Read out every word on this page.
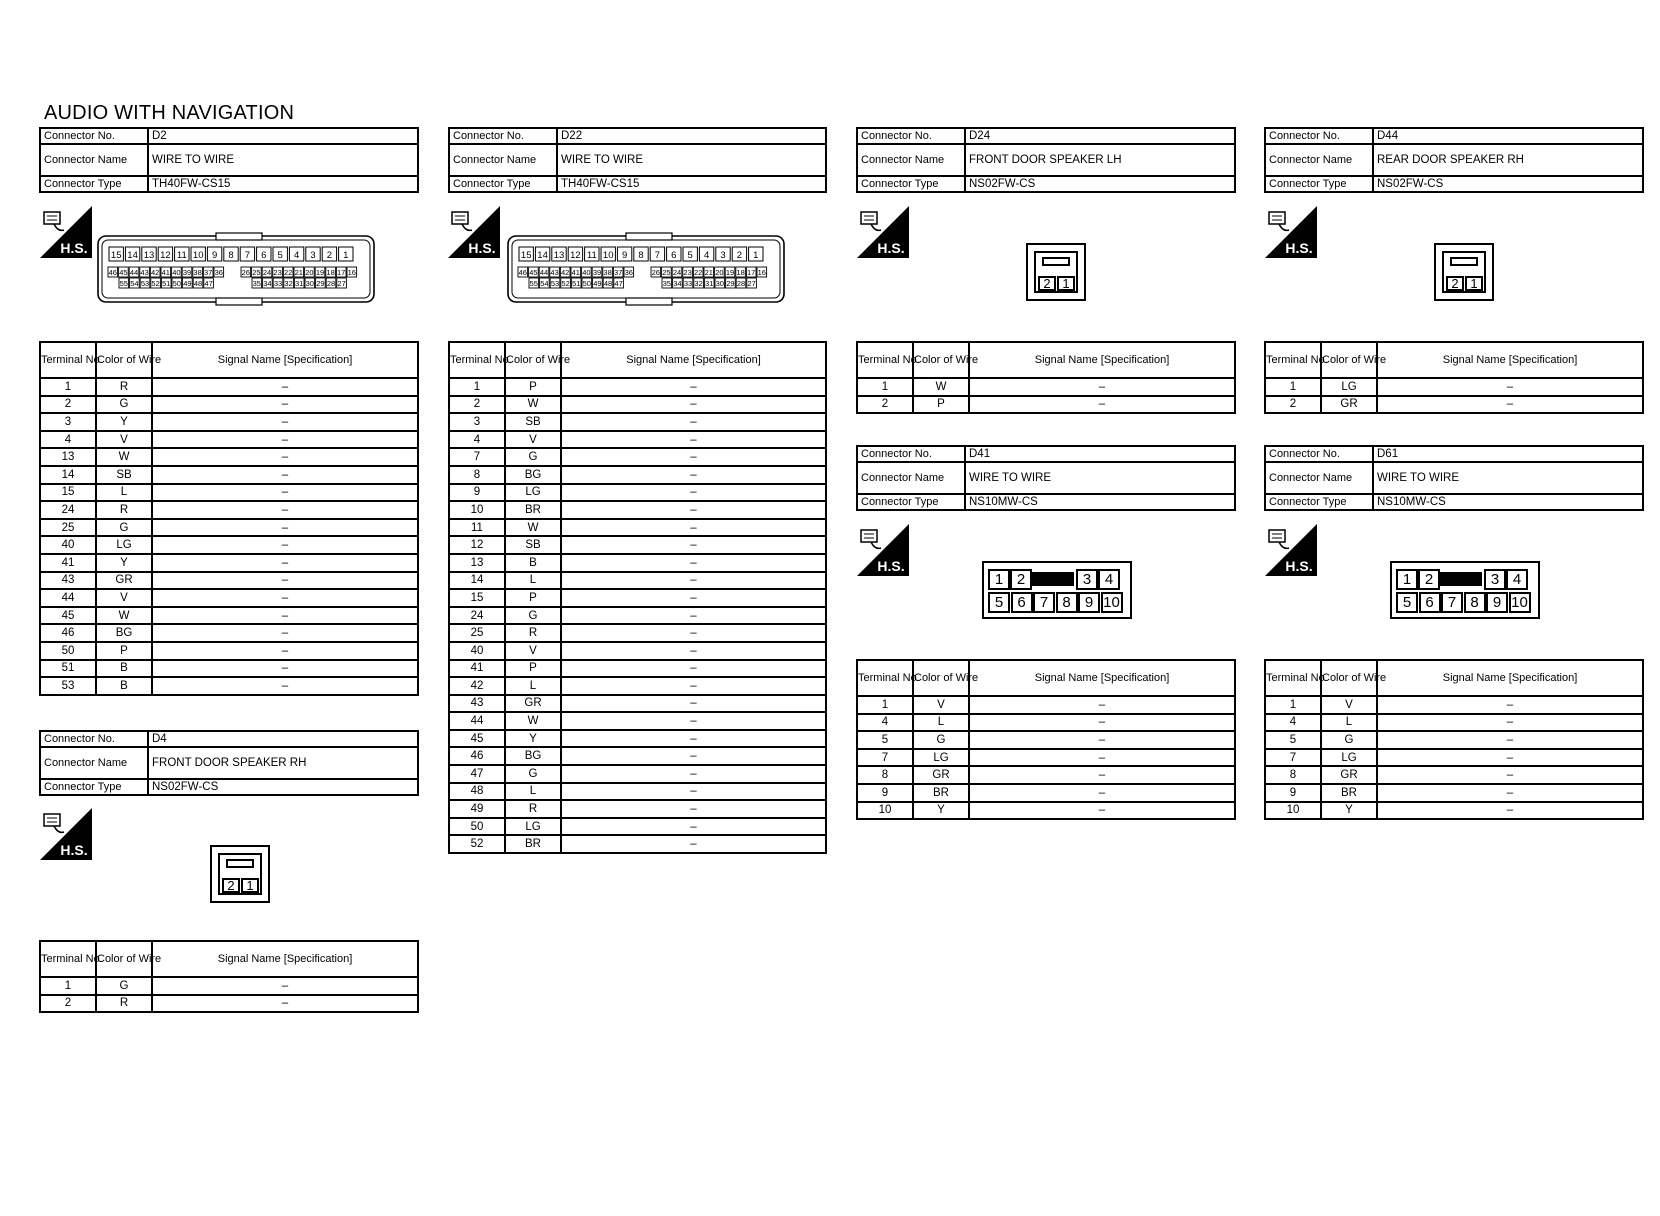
AUDIO WITH NAVIGATION
Connector No.	D2
Connector Name	WIRE TO WIRE
Connector Type	TH40FW-CS15
H.S. 15 14 13 12 11 10 9 8 7 6 5 4 3 2 1
46 45 44 43 42 41 40 39 38 37 36 26 25 24 23 22 21 20 19 18 17 16
55 54 53 52 51 50 49 48 47	35 34 33 32 31 30 29 28 27
Terminal No.	Color of Wire	Signal Name [Specification]
1	R	–
2	G	–
3	Y	–
4	V	–
13	W	–
14	SB	–
15	L	–
24	R	–
25	G	–
40	LG	–
41	Y	–
43	GR	–
44	V	–
45	W	–
46	BG	–
50	P	–
51	B	–
53	B	–
Connector No.	D4
Connector Name	FRONT DOOR SPEAKER RH
Connector Type	NS02FW-CS
H.S.
2 1
Terminal No.	Color of Wire	Signal Name [Specification]
1	G	–
2	R	–
Connector No.	D22
Connector Name	WIRE TO WIRE
Connector Type	TH40FW-CS15
H.S.	15 14 13 12 11 10 9 8 7 6 5 4 3 2 1
46 45 44 43 42 41 40 39 38 37 36 26 25 24 23 22 21 20 19 18 17 16
55 54 53 52 51 50 49 48 47	35 34 33 32 31 30 29 28 27
Terminal No.	Color of Wire	Signal Name [Specification]
1	P	–
2	W	–
3	SB	–
4	V	–
7	G	–
8	BG	–
9	LG	–
10	BR	–
11	W	–
12	SB	–
13	B	–
14	L	–
15	P	–
24	G	–
25	R	–
40	V	–
41	P	–
42	L	–
43	GR	–
44	W	–
45	Y	–
46	BG	–
47	G	–
48	L	–
49	R	–
50	LG	–
52	BR	–
Connector No.	D24
Connector Name	FRONT DOOR SPEAKER LH
Connector Type	NS02FW-CS
H.S.
2 1
Terminal No.	Color of Wire	Signal Name [Specification]
1	W	–
2	P	–
Connector No.	D41
Connector Name	WIRE TO WIRE
Connector Type	NS10MW-CS
H.S.
1 2	3 4
5 6 7 8 9 10
Terminal No.	Color of Wire	Signal Name [Specification]
1	V	–
4	L	–
5	G	–
7	LG	–
8	GR	–
9	BR	–
10	Y	–
Connector No.	D44
Connector Name	REAR DOOR SPEAKER RH
Connector Type	NS02FW-CS
H.S.
2 1
Terminal No.	Color of Wire	Signal Name [Specification]
1	LG	–
2	GR	–
Connector No.	D61
Connector Name	WIRE TO WIRE
Connector Type	NS10MW-CS
H.S.
1 2	3 4
5 6 7 8 9 10
Terminal No.	Color of Wire	Signal Name [Specification]
1	V	–
4	L	–
5	G	–
7	LG	–
8	GR	–
9	BR	–
10	Y	–
